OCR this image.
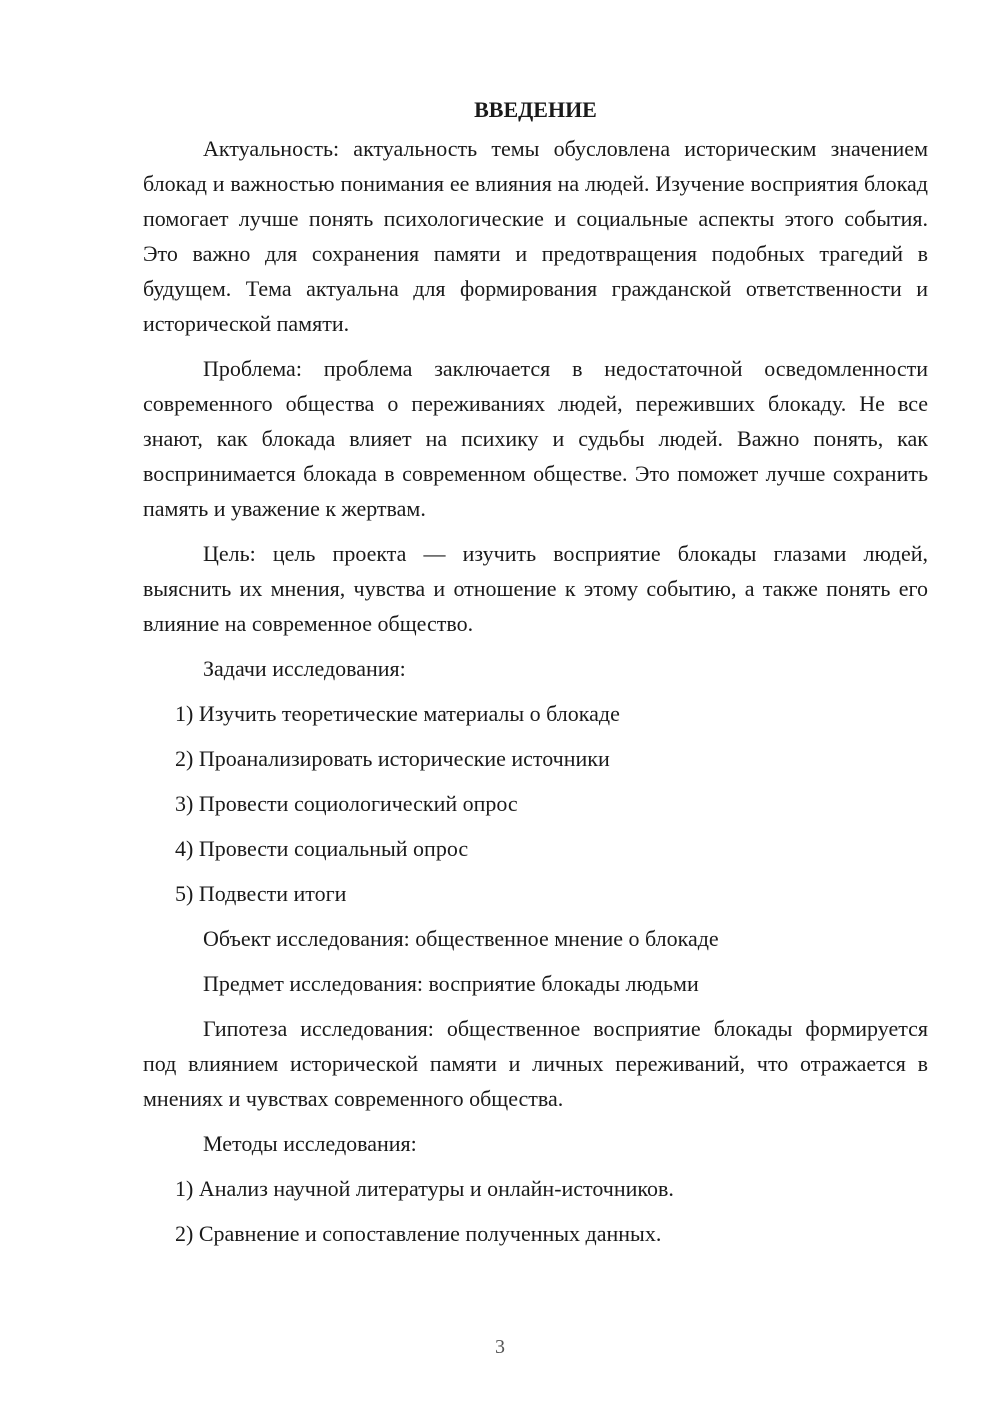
ВВЕДЕНИЕ

Актуальность: актуальность темы обусловлена историческим значением блокад и важностью понимания ее влияния на людей. Изучение восприятия блокад помогает лучше понять психологические и социальные аспекты этого события. Это важно для сохранения памяти и предотвращения подобных трагедий в будущем. Тема актуальна для формирования гражданской ответственности и исторической памяти.

Проблема: проблема заключается в недостаточной осведомленности современного общества о переживаниях людей, переживших блокаду. Не все знают, как блокада влияет на психику и судьбы людей. Важно понять, как воспринимается блокада в современном обществе. Это поможет лучше сохранить память и уважение к жертвам.

Цель: цель проекта — изучить восприятие блокады глазами людей, выяснить их мнения, чувства и отношение к этому событию, а также понять его влияние на современное общество.

Задачи исследования:
1) Изучить теоретические материалы о блокаде
2) Проанализировать исторические источники
3) Провести социологический опрос
4) Провести социальный опрос
5) Подвести итоги
Объект исследования: общественное мнение о блокаде
Предмет исследования: восприятие блокады людьми

Гипотеза исследования: общественное восприятие блокады формируется под влиянием исторической памяти и личных переживаний, что отражается в мнениях и чувствах современного общества.

Методы исследования:
1) Анализ научной литературы и онлайн-источников.
2) Сравнение и сопоставление полученных данных.
3
